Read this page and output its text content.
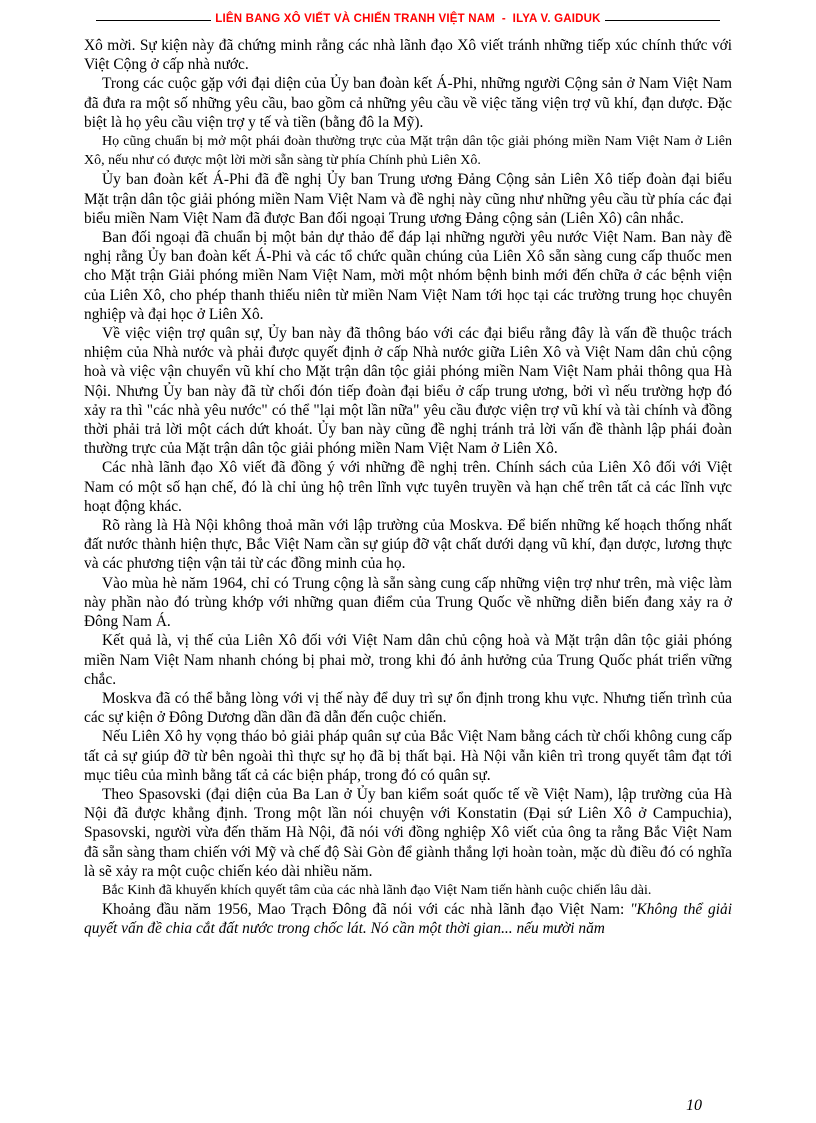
LIÊN BANG XÔ VIẾT VÀ CHIẾN TRANH VIỆT NAM - ILYA V. GAIDUK

Xô mời. Sự kiện này đã chứng minh rằng các nhà lãnh đạo Xô viết tránh những tiếp xúc chính thức với Việt Cộng ở cấp nhà nước.

Trong các cuộc gặp với đại diện của Ủy ban đoàn kết Á-Phi, những người Cộng sản ở Nam Việt Nam đã đưa ra một số những yêu cầu, bao gồm cả những yêu cầu về việc tăng viện trợ vũ khí, đạn dược. Đặc biệt là họ yêu cầu viện trợ y tế và tiền (bằng đô la Mỹ).

Họ cũng chuẩn bị mở một phái đoàn thường trực của Mặt trận dân tộc giải phóng miền Nam Việt Nam ở Liên Xô, nếu như có được một lời mời sẵn sàng từ phía Chính phủ Liên Xô.

Ủy ban đoàn kết Á-Phi đã đề nghị Ủy ban Trung ương Đảng Cộng sản Liên Xô tiếp đoàn đại biểu Mặt trận dân tộc giải phóng miền Nam Việt Nam và đề nghị này cũng như những yêu cầu từ phía các đại biểu miền Nam Việt Nam đã được Ban đối ngoại Trung ương Đảng cộng sản (Liên Xô) cân nhắc.

Ban đối ngoại đã chuẩn bị một bản dự thảo để đáp lại những người yêu nước Việt Nam. Ban này đề nghị rằng Ủy ban đoàn kết Á-Phi và các tổ chức quần chúng của Liên Xô sẵn sàng cung cấp thuốc men cho Mặt trận Giải phóng miền Nam Việt Nam, mời một nhóm bệnh binh mới đến chữa ở các bệnh viện của Liên Xô, cho phép thanh thiếu niên từ miền Nam Việt Nam tới học tại các trường trung học chuyên nghiệp và đại học ở Liên Xô.

Về việc viện trợ quân sự, Ủy ban này đã thông báo với các đại biểu rằng đây là vấn đề thuộc trách nhiệm của Nhà nước và phải được quyết định ở cấp Nhà nước giữa Liên Xô và Việt Nam dân chủ cộng hoà và việc vận chuyển vũ khí cho Mặt trận dân tộc giải phóng miền Nam Việt Nam phải thông qua Hà Nội. Nhưng Ủy ban này đã từ chối đón tiếp đoàn đại biểu ở cấp trung ương, bởi vì nếu trường hợp đó xảy ra thì "các nhà yêu nước" có thể "lại một lần nữa" yêu cầu được viện trợ vũ khí và tài chính và đồng thời phải trả lời một cách dứt khoát. Ủy ban này cũng đề nghị tránh trả lời vấn đề thành lập phái đoàn thường trực của Mặt trận dân tộc giải phóng miền Nam Việt Nam ở Liên Xô.

Các nhà lãnh đạo Xô viết đã đồng ý với những đề nghị trên. Chính sách của Liên Xô đối với Việt Nam có một số hạn chế, đó là chỉ ủng hộ trên lĩnh vực tuyên truyền và hạn chế trên tất cả các lĩnh vực hoạt động khác.

Rõ ràng là Hà Nội không thoả mãn với lập trường của Moskva. Để biến những kế hoạch thống nhất đất nước thành hiện thực, Bắc Việt Nam cần sự giúp đỡ vật chất dưới dạng vũ khí, đạn dược, lương thực và các phương tiện vận tải từ các đồng minh của họ.

Vào mùa hè năm 1964, chỉ có Trung cộng là sẵn sàng cung cấp những viện trợ như trên, mà việc làm này phần nào đó trùng khớp với những quan điểm của Trung Quốc về những diễn biến đang xảy ra ở Đông Nam Á.

Kết quả là, vị thế của Liên Xô đối với Việt Nam dân chủ cộng hoà và Mặt trận dân tộc giải phóng miền Nam Việt Nam nhanh chóng bị phai mờ, trong khi đó ảnh hưởng của Trung Quốc phát triển vững chắc.

Moskva đã có thể bằng lòng với vị thế này để duy trì sự ổn định trong khu vực. Nhưng tiến trình của các sự kiện ở Đông Dương dần dần đã dẫn đến cuộc chiến.

Nếu Liên Xô hy vọng tháo bỏ giải pháp quân sự của Bắc Việt Nam bằng cách từ chối không cung cấp tất cả sự giúp đỡ từ bên ngoài thì thực sự họ đã bị thất bại. Hà Nội vẫn kiên trì trong quyết tâm đạt tới mục tiêu của mình bằng tất cả các biện pháp, trong đó có quân sự.

Theo Spasovski (đại diện của Ba Lan ở Ủy ban kiểm soát quốc tế về Việt Nam), lập trường của Hà Nội đã được khẳng định. Trong một lần nói chuyện với Konstatin (Đại sứ Liên Xô ở Campuchia), Spasovski, người vừa đến thăm Hà Nội, đã nói với đồng nghiệp Xô viết của ông ta rằng Bắc Việt Nam đã sẵn sàng tham chiến với Mỹ và chế độ Sài Gòn để giành thắng lợi hoàn toàn, mặc dù điều đó có nghĩa là sẽ xảy ra một cuộc chiến kéo dài nhiều năm.

Bắc Kinh đã khuyến khích quyết tâm của các nhà lãnh đạo Việt Nam tiến hành cuộc chiến lâu dài.

Khoảng đầu năm 1956, Mao Trạch Đông đã nói với các nhà lãnh đạo Việt Nam: "Không thể giải quyết vấn đề chia cắt đất nước trong chốc lát. Nó cần một thời gian... nếu mười năm

10
